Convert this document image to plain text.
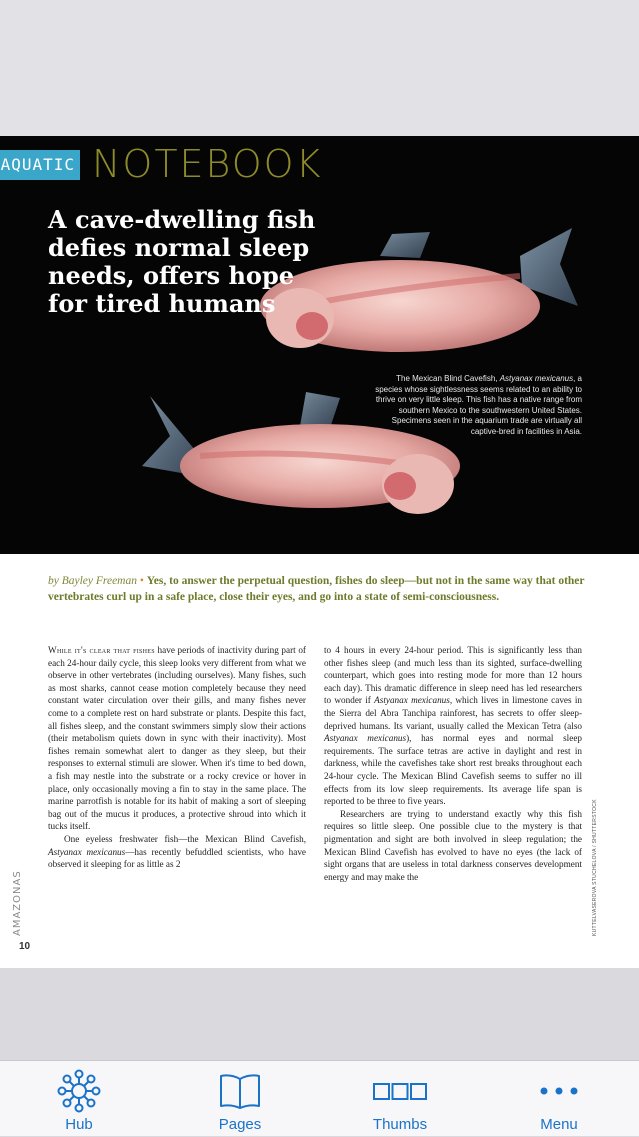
AQUATIC NOTEBOOK
A cave-dwelling fish defies normal sleep needs, offers hope for tired humans
The Mexican Blind Cavefish, Astyanax mexicanus, a species whose sightlessness seems related to an ability to thrive on very little sleep. This fish has a native range from southern Mexico to the southwestern United States. Specimens seen in the aquarium trade are virtually all captive-bred in facilities in Asia.
by Bayley Freeman • Yes, to answer the perpetual question, fishes do sleep—but not in the same way that other vertebrates curl up in a safe place, close their eyes, and go into a state of semi-consciousness.

While it's clear that fishes have periods of inactivity during part of each 24-hour daily cycle, this sleep looks very different from what we observe in other vertebrates (including ourselves). Many fishes, such as most sharks, cannot cease motion completely because they need constant water circulation over their gills, and many fishes never come to a complete rest on hard substrate or plants. Despite this fact, all fishes sleep, and the constant swimmers simply slow their actions (their metabolism quiets down in sync with their inactivity). Most fishes remain somewhat alert to danger as they sleep, but their responses to external stimuli are slower. When it's time to bed down, a fish may nestle into the substrate or a rocky crevice or hover in place, only occasionally moving a fin to stay in the same place. The marine parrotfish is notable for its habit of making a sort of sleeping bag out of the mucus it produces, a protective shroud into which it tucks itself.

One eyeless freshwater fish—the Mexican Blind Cavefish, Astyanax mexicanus—has recently befuddled scientists, who have observed it sleeping for as little as 2

to 4 hours in every 24-hour period. This is significantly less than other fishes sleep (and much less than its sighted, surface-dwelling counterpart, which goes into resting mode for more than 12 hours each day). This dramatic difference in sleep need has led researchers to wonder if Astyanax mexicanus, which lives in limestone caves in the Sierra del Abra Tanchipa rainforest, has secrets to offer sleep-deprived humans. Its variant, usually called the Mexican Tetra (also Astyanax mexicanus), has normal eyes and normal sleep requirements. The surface tetras are active in daylight and rest in darkness, while the cavefishes take short rest breaks throughout each 24-hour cycle. The Mexican Blind Cavefish seems to suffer no ill effects from its low sleep requirements. Its average life span is reported to be three to five years.

Researchers are trying to understand exactly why this fish requires so little sleep. One possible clue to the mystery is that pigmentation and sight are both involved in sleep regulation; the Mexican Blind Cavefish has evolved to have no eyes (the lack of sight organs that are useless in total darkness conserves development energy and may make the

AMAZONAS
10
KUTTELVASEROVA STUCHELOVA / SHUTTERSTOCK
Hub	Pages	Thumbs	Menu
